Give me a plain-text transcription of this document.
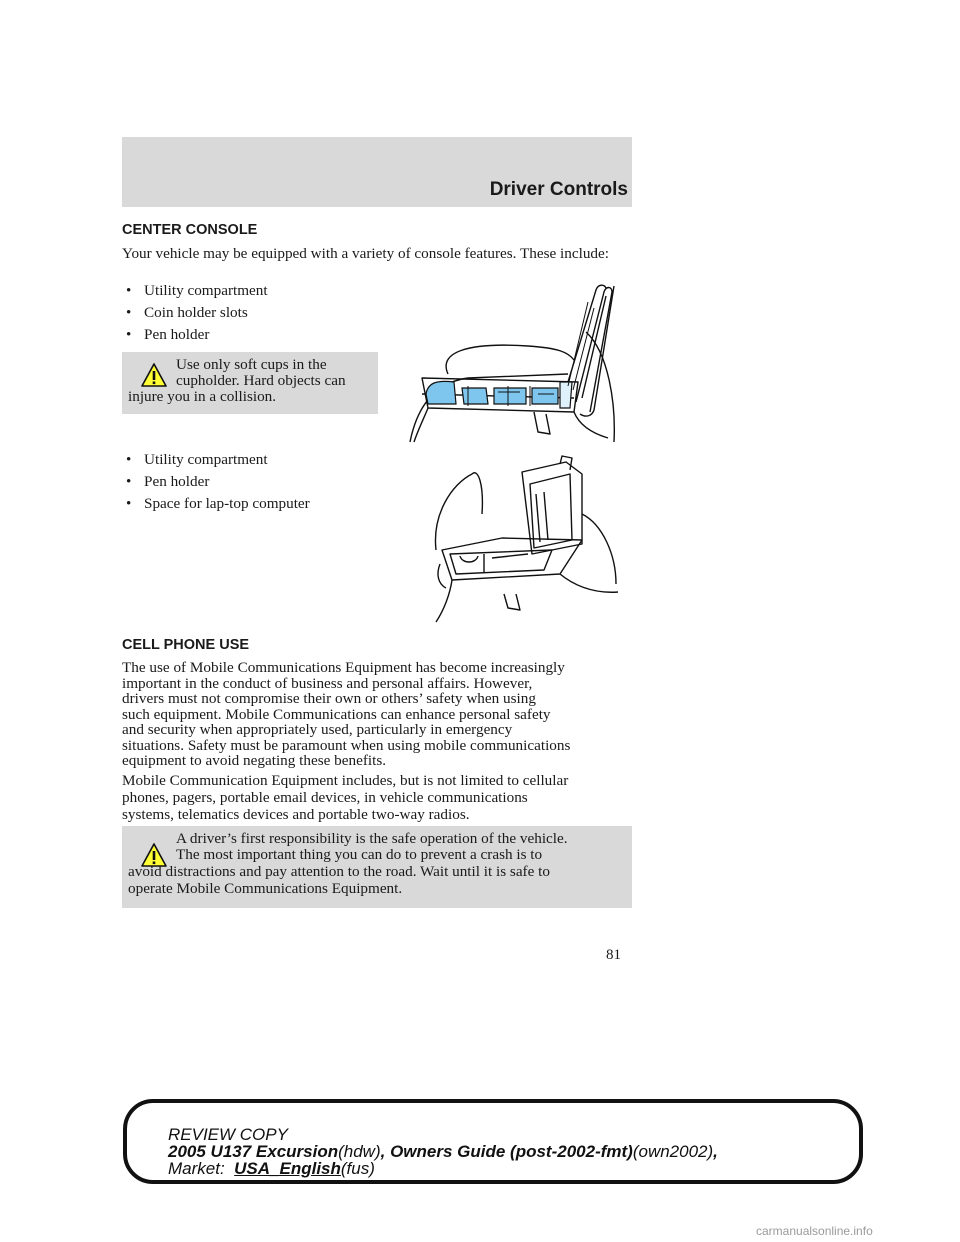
Driver Controls
CENTER CONSOLE

Your vehicle may be equipped with a variety of console features. These include:

• Utility compartment
• Coin holder slots
• Pen holder
Use only soft cups in the
cupholder. Hard objects can
injure you in a collision.
• Utility compartment
• Pen holder
• Space for lap-top computer
CELL PHONE USE
The use of Mobile Communications Equipment has become increasingly
important in the conduct of business and personal affairs. However,
drivers must not compromise their own or others’ safety when using
such equipment. Mobile Communications can enhance personal safety
and security when appropriately used, particularly in emergency
situations. Safety must be paramount when using mobile communications
equipment to avoid negating these benefits.
Mobile Communication Equipment includes, but is not limited to cellular
phones, pagers, portable email devices, in vehicle communications
systems, telematics devices and portable two-way radios.
A driver’s first responsibility is the safe operation of the vehicle.
The most important thing you can do to prevent a crash is to
avoid distractions and pay attention to the road. Wait until it is safe to
operate Mobile Communications Equipment.
81
REVIEW COPY
2005 U137 Excursion(hdw), Owners Guide (post-2002-fmt)(own2002),
Market: USA_English(fus)
carmanualsonline.info
